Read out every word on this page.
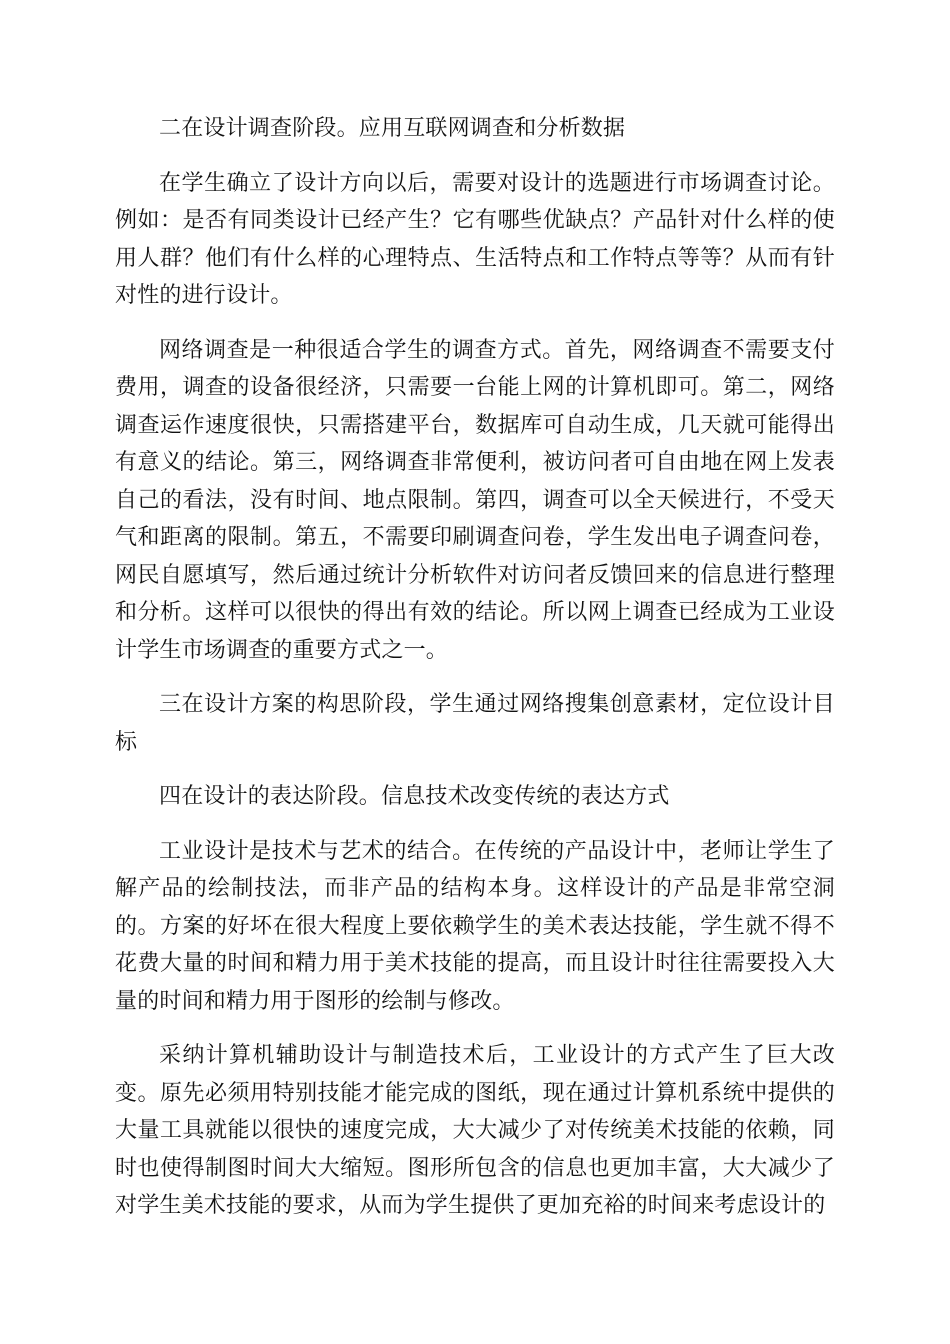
二在设计调查阶段。应用互联网调查和分析数据

在学生确立了设计方向以后，需要对设计的选题进行市场调查讨论。例如：是否有同类设计已经产生？它有哪些优缺点？产品针对什么样的使用人群？他们有什么样的心理特点、生活特点和工作特点等等？从而有针对性的进行设计。

网络调查是一种很适合学生的调查方式。首先，网络调查不需要支付费用，调查的设备很经济，只需要一台能上网的计算机即可。第二，网络调查运作速度很快，只需搭建平台，数据库可自动生成，几天就可能得出有意义的结论。第三，网络调查非常便利，被访问者可自由地在网上发表自己的看法，没有时间、地点限制。第四，调查可以全天候进行，不受天气和距离的限制。第五，不需要印刷调查问卷，学生发出电子调查问卷，网民自愿填写，然后通过统计分析软件对访问者反馈回来的信息进行整理和分析。这样可以很快的得出有效的结论。所以网上调查已经成为工业设计学生市场调查的重要方式之一。

三在设计方案的构思阶段，学生通过网络搜集创意素材，定位设计目标

四在设计的表达阶段。信息技术改变传统的表达方式

工业设计是技术与艺术的结合。在传统的产品设计中，老师让学生了解产品的绘制技法，而非产品的结构本身。这样设计的产品是非常空洞的。方案的好坏在很大程度上要依赖学生的美术表达技能，学生就不得不花费大量的时间和精力用于美术技能的提高，而且设计时往往需要投入大量的时间和精力用于图形的绘制与修改。

采纳计算机辅助设计与制造技术后，工业设计的方式产生了巨大改变。原先必须用特别技能才能完成的图纸，现在通过计算机系统中提供的大量工具就能以很快的速度完成，大大减少了对传统美术技能的依赖，同时也使得制图时间大大缩短。图形所包含的信息也更加丰富，大大减少了对学生美术技能的要求，从而为学生提供了更加充裕的时间来考虑设计的
